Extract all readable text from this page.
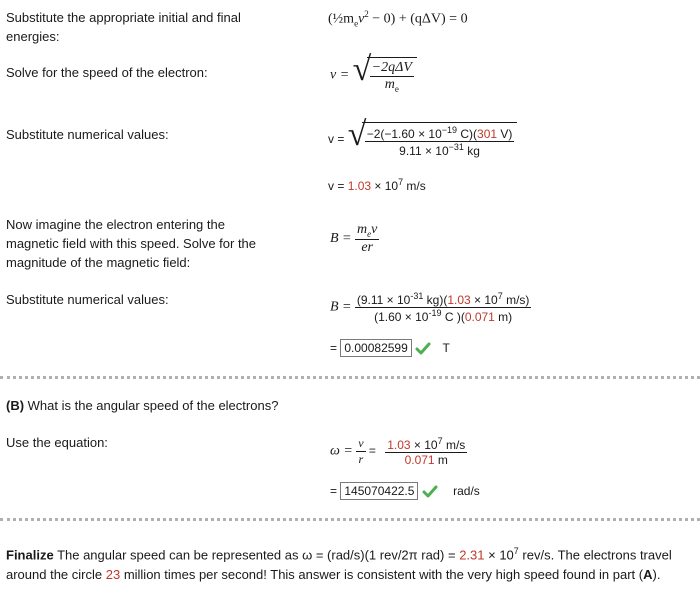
Substitute the appropriate initial and final energies:
$(\frac{1}{2}m_ev^2 - 0) + (q\Delta V) = 0$
Solve for the speed of the electron:	v = √
$\frac{\text{−2qΔV}}{m_e}$
Substitute numerical values:	v = √
$\frac{-2(-1.60 \times 10^{-19} C)(301 V)}{9.11 \times 10^{-31} kg}$
$v = 1.03 \times 10^7$ m/s
Now imagine the electron entering the magnetic field with this speed. Solve for the magnitude of the magnetic field:
$B = \frac{m_ev}{er}$
Substitute numerical values:
$B = \frac{(9.11 \times 10^{-31} kg)(1.03 \times 10^7 m/s)}{(1.60 \times 10^{-19} C )(0.071 m)}$
= 0.00082599	T
(B) What is the angular speed of the electrons?
Use the equation:
$\omega = \frac{v}{r} = \frac{1.03 \times 10^7 m/s}{0.071 m}$
= 145070422.5	rad/s
Finalize The angular speed can be represented as ω = (rad/s)(1 rev/2π $rad) = 2.31 \times 10^7$ rev/s. The electrons travel around the circle 23 million times per second! This answer is consistent with the very high speed found in part (A).
